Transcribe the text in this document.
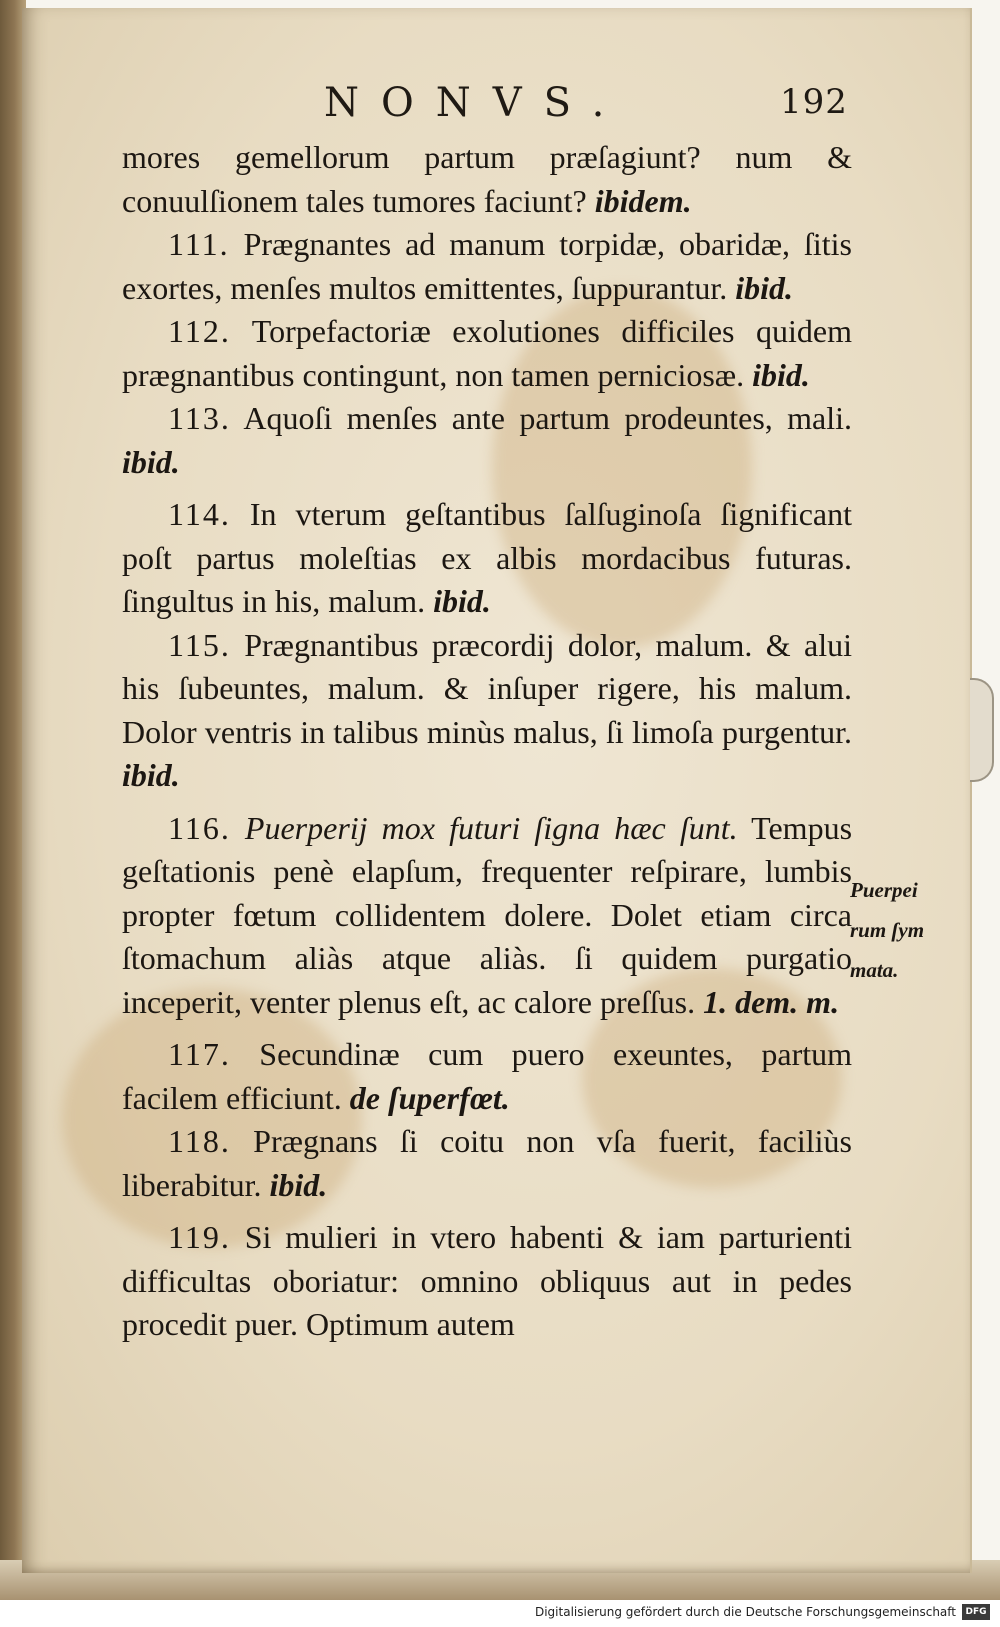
NONVS.	192

mores gemellorum partum præſagiunt? num & conuulſionem tales tumores faciunt? ibidem.

111. Prægnantes ad manum torpidæ, obaridæ, ſitis exortes, menſes multos emittentes, ſuppurantur. ibid.

112. Torpefactoriæ exolutiones difficiles quidem prægnantibus contingunt, non tamen perniciosæ. ibid.

113. Aquoſi menſes ante partum prodeuntes, mali. ibid.

114. In vterum geſtantibus ſalſuginoſa ſignificant poſt partus moleſtias ex albis mordacibus futuras. ſingultus in his, malum. ibid.

115. Prægnantibus præcordij dolor, malum. & alui his ſubeuntes, malum. & inſuper rigere, his malum. Dolor ventris in talibus minùs malus, ſi limoſa purgentur. ibid.

116. Puerperij mox futuri ſigna hæc ſunt. Tempus geſtationis penè elapſum, frequenter reſpirare, lumbis propter fœtum collidentem dolere. Dolet etiam circa ſtomachum aliàs atque aliàs. ſi quidem purgatio inceperit, venter plenus eſt, ac calore preſſus. 1. dem. m.

117. Secundinæ cum puero exeuntes, partum facilem efficiunt. de ſuperfœt.

118. Prægnans ſi coitu non vſa fuerit, faciliùs liberabitur. ibid.

119. Si mulieri in vtero habenti & iam parturienti difficultas oboriatur: omnino obliquus aut in pedes procedit puer. Optimum autem

Puerpei
rum ſym
mata.
Digitalisierung gefördert durch die Deutsche Forschungsgemeinschaft	DFG
